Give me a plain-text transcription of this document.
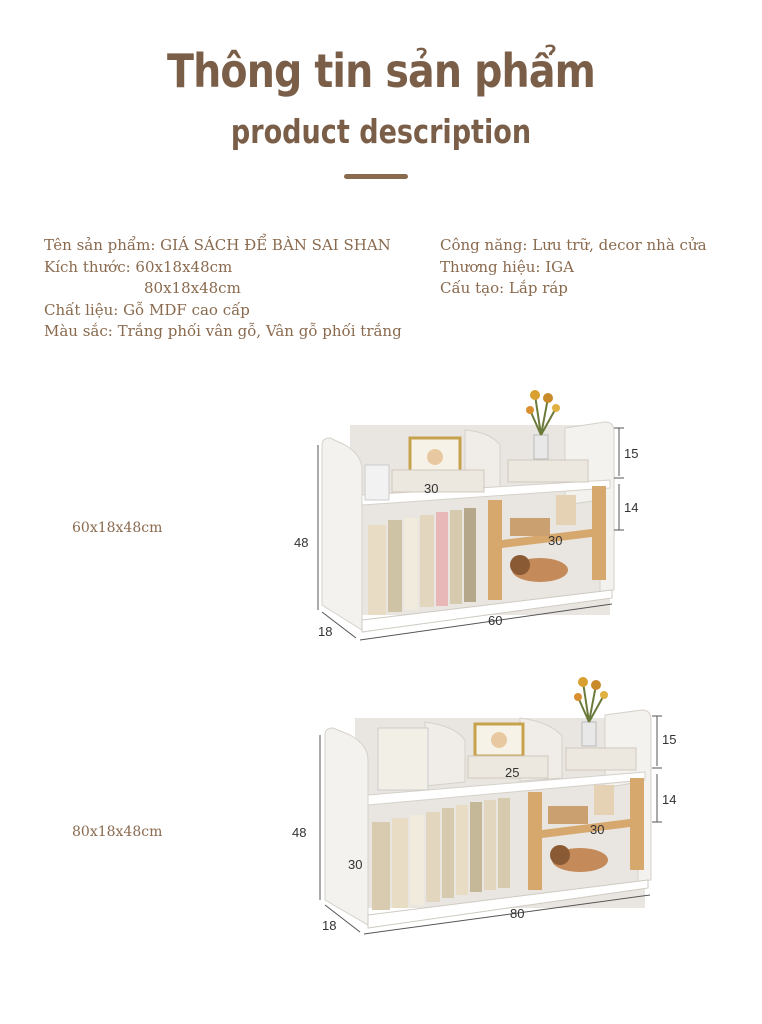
Thông tin sản phẩm
product description
Tên sản phẩm: GIÁ SÁCH ĐỂ BÀN SAI SHAN
Kích thước: 60x18x48cm
80x18x48cm
Chất liệu: Gỗ MDF cao cấp
Màu sắc: Trắng phối vân gỗ, Vân gỗ phối trắng
Công năng: Lưu trữ, decor nhà cửa
Thương hiệu: IGA
Cấu tạo: Lắp ráp
60x18x48cm
48
18
60
15
14
30
30
80x18x48cm	48
18
80
15
14
25
30
30
